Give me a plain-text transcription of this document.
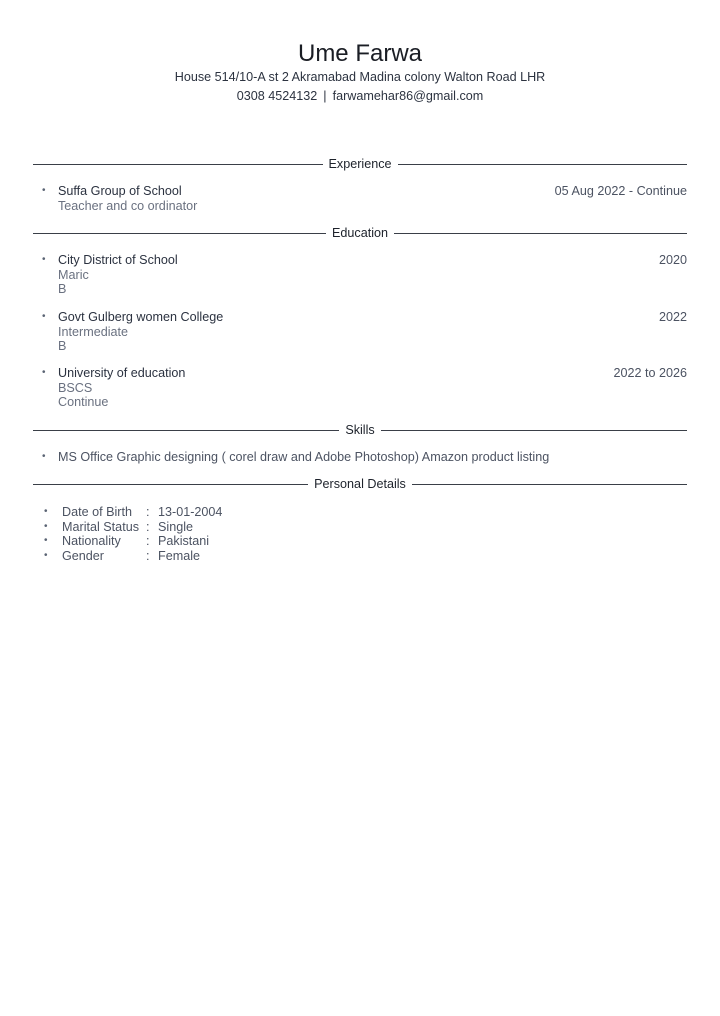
Ume Farwa
House 514/10-A st 2 Akramabad Madina colony Walton Road LHR
0308 4524132 | farwamehar86@gmail.com
Experience
• Suffa Group of School	05 Aug 2022 - Continue
Teacher and co ordinator
Education
• City District of School	2020
Maric
B
• Govt Gulberg women College	2022
Intermediate
B
• University of education	2022 to 2026
BSCS
Continue
Skills
• MS Office Graphic designing ( corel draw and Adobe Photoshop) Amazon product listing
Personal Details
•	Date of Birth	: 13-01-2004
•	Marital Status : Single
•	Nationality	: Pakistani
•	Gender	: Female
